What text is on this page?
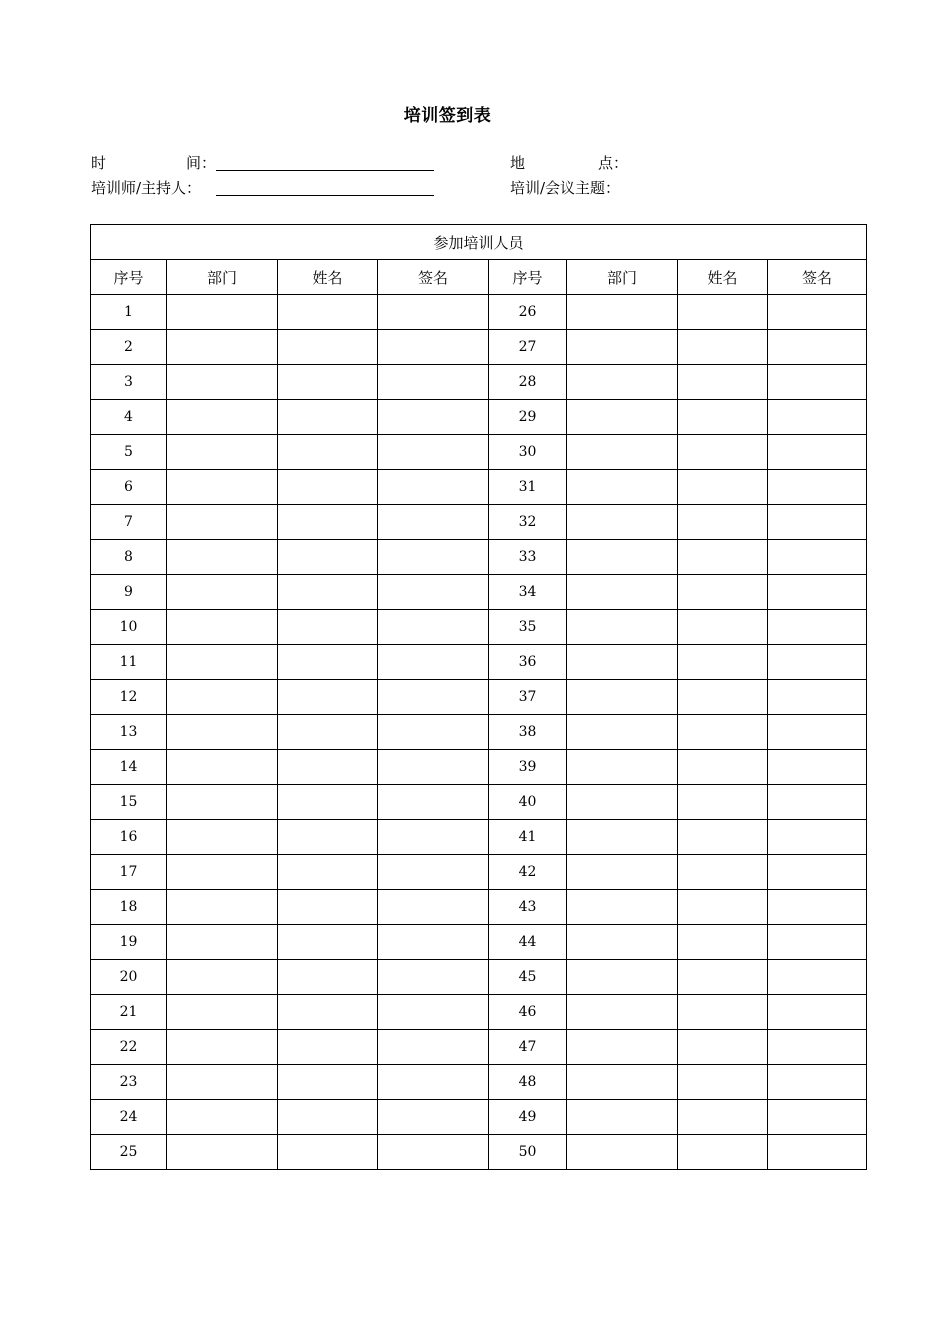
培训签到表
时	间：	地	点：
培训师/主持人：	培训/会议主题：
参加培训人员							
序号	部门	姓名	签名	序号	部门	姓名	签名
1				26			
2				27			
3				28			
4				29			
5				30			
6				31			
7				32			
8				33			
9				34			
10				35			
11				36			
12				37			
13				38			
14				39			
15				40			
16				41			
17				42			
18				43			
19				44			
20				45			
21				46			
22				47			
23				48			
24				49			
25				50			
